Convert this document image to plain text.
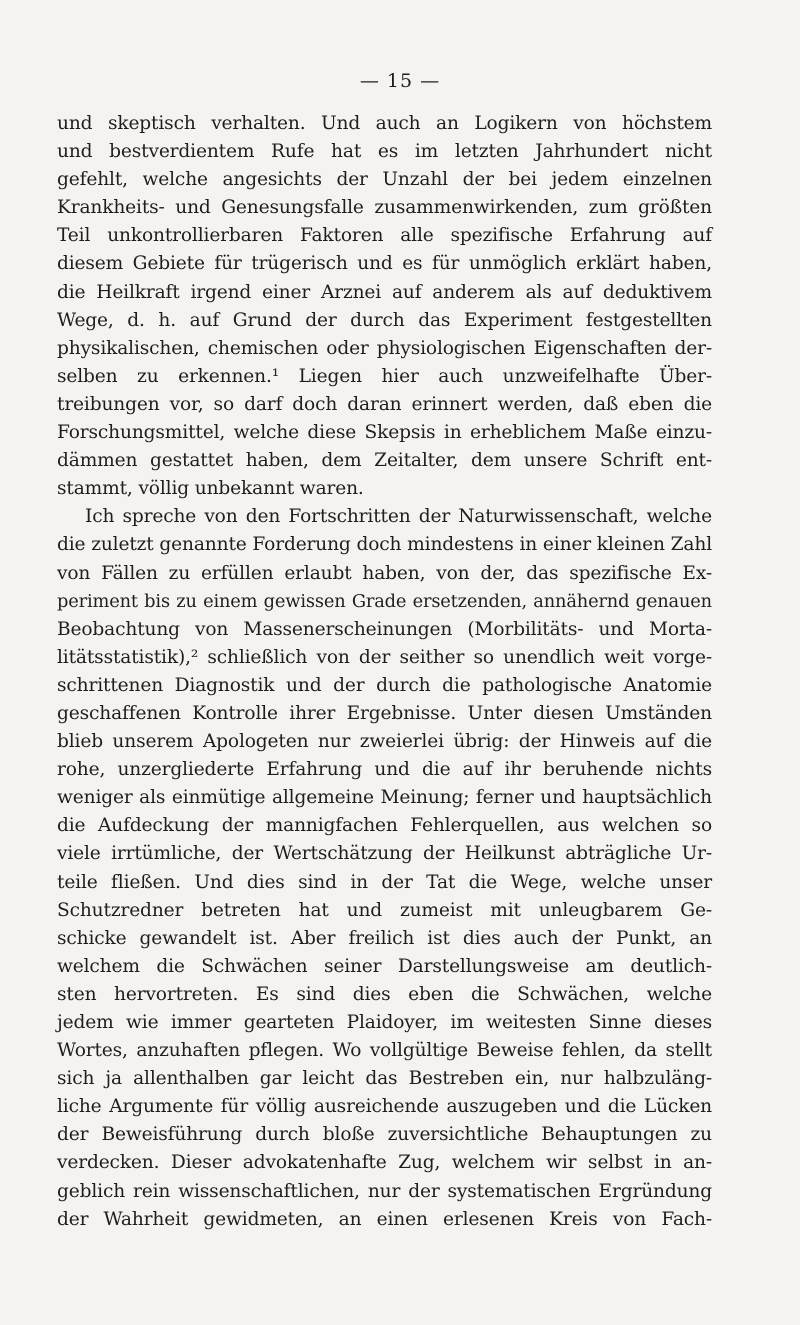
— 15 —
und skeptisch verhalten. Und auch an Logikern von höchstem
und bestverdientem Rufe hat es im letzten Jahrhundert nicht
gefehlt, welche angesichts der Unzahl der bei jedem einzelnen
Krankheits- und Genesungsfalle zusammenwirkenden, zum größten
Teil unkontrollierbaren Faktoren alle spezifische Erfahrung auf
diesem Gebiete für trügerisch und es für unmöglich erklärt haben,
die Heilkraft irgend einer Arznei auf anderem als auf deduktivem
Wege, d. h. auf Grund der durch das Experiment festgestellten
physikalischen, chemischen oder physiologischen Eigenschaften der-
selben zu erkennen.¹ Liegen hier auch unzweifelhafte Über-
treibungen vor, so darf doch daran erinnert werden, daß eben die
Forschungsmittel, welche diese Skepsis in erheblichem Maße einzu-
dämmen gestattet haben, dem Zeitalter, dem unsere Schrift ent-
stammt, völlig unbekannt waren.
Ich spreche von den Fortschritten der Naturwissenschaft, welche
die zuletzt genannte Forderung doch mindestens in einer kleinen Zahl
von Fällen zu erfüllen erlaubt haben, von der, das spezifische Ex-
periment bis zu einem gewissen Grade ersetzenden, annähernd genauen
Beobachtung von Massenerscheinungen (Morbilitäts- und Morta-
litätsstatistik),² schließlich von der seither so unendlich weit vorge-
schrittenen Diagnostik und der durch die pathologische Anatomie
geschaffenen Kontrolle ihrer Ergebnisse. Unter diesen Umständen
blieb unserem Apologeten nur zweierlei übrig: der Hinweis auf die
rohe, unzergliederte Erfahrung und die auf ihr beruhende nichts
weniger als einmütige allgemeine Meinung; ferner und hauptsächlich
die Aufdeckung der mannigfachen Fehlerquellen, aus welchen so
viele irrtümliche, der Wertschätzung der Heilkunst abträgliche Ur-
teile fließen. Und dies sind in der Tat die Wege, welche unser
Schutzredner betreten hat und zumeist mit unleugbarem Ge-
schicke gewandelt ist. Aber freilich ist dies auch der Punkt, an
welchem die Schwächen seiner Darstellungsweise am deutlich-
sten hervortreten. Es sind dies eben die Schwächen, welche
jedem wie immer gearteten Plaidoyer, im weitesten Sinne dieses
Wortes, anzuhaften pflegen. Wo vollgültige Beweise fehlen, da stellt
sich ja allenthalben gar leicht das Bestreben ein, nur halbzuläng-
liche Argumente für völlig ausreichende auszugeben und die Lücken
der Beweisführung durch bloße zuversichtliche Behauptungen zu
verdecken. Dieser advokatenhafte Zug, welchem wir selbst in an-
geblich rein wissenschaftlichen, nur der systematischen Ergründung
der Wahrheit gewidmeten, an einen erlesenen Kreis von Fach-
